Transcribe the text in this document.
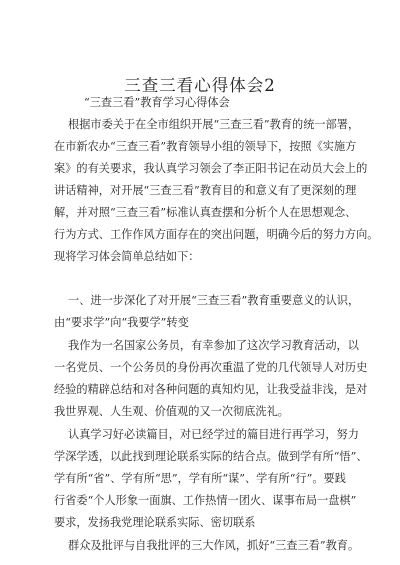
三查三看心得体会2
“三查三看”教育学习心得体会
根据市委关于在全市组织开展“三查三看”教育的统一部署，
在市新农办“三查三看”教育领导小组的领导下，按照《实施方
案》的有关要求，我认真学习领会了李正阳书记在动员大会上的
讲话精神，对开展“三查三看”教育目的和意义有了更深刻的理
解，并对照“三查三看”标准认真查摆和分析个人在思想观念、
行为方式、工作作风方面存在的突出问题，明确今后的努力方向。
现将学习体会简单总结如下：
一、进一步深化了对开展“三查三看”教育重要意义的认识，
由“要求学”向“我要学”转变
我作为一名国家公务员，有幸参加了这次学习教育活动，以
一名党员、一个公务员的身份再次重温了党的几代领导人对历史
经验的精辟总结和对各种问题的真知灼见，让我受益非浅，是对
我世界观、人生观、价值观的又一次彻底洗礼。
认真学习好必读篇目，对已经学过的篇目进行再学习，努力
学深学透，以此找到理论联系实际的结合点。做到学有所“悟”、
学有所“省”、学有所“思”，学有所“谋”、学有所“行”。要践
行省委“个人形象一面旗、工作热情一团火、谋事布局一盘棋”
要求，发扬我党理论联系实际、密切联系
群众及批评与自我批评的三大作风，抓好“三查三看”教育。
